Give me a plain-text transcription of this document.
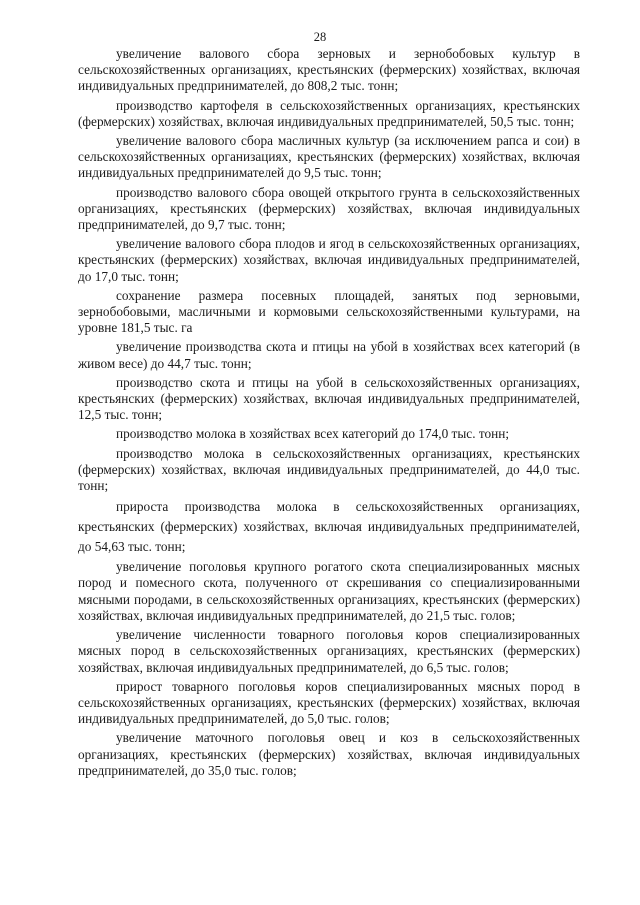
28

увеличение валового сбора зерновых и зернобобовых культур в сельскохозяйственных организациях, крестьянских (фермерских) хозяйствах, включая индивидуальных предпринимателей, до 808,2 тыс. тонн;

производство картофеля в сельскохозяйственных организациях, крестьянских (фермерских) хозяйствах, включая индивидуальных предпринимателей, 50,5 тыс. тонн;

увеличение валового сбора масличных культур (за исключением рапса и сои) в сельскохозяйственных организациях, крестьянских (фермерских) хозяйствах, включая индивидуальных предпринимателей до 9,5 тыс. тонн;

производство валового сбора овощей открытого грунта в сельскохозяйственных организациях, крестьянских (фермерских) хозяйствах, включая индивидуальных предпринимателей, до 9,7 тыс. тонн;

увеличение валового сбора плодов и ягод в сельскохозяйственных организациях, крестьянских (фермерских) хозяйствах, включая индивидуальных предпринимателей, до 17,0 тыс. тонн;

сохранение размера посевных площадей, занятых под зерновыми, зернобобовыми, масличными и кормовыми сельскохозяйственными культурами, на уровне 181,5 тыс. га

увеличение производства скота и птицы на убой в хозяйствах всех категорий (в живом весе) до 44,7 тыс. тонн;

производство скота и птицы на убой в сельскохозяйственных организациях, крестьянских (фермерских) хозяйствах, включая индивидуальных предпринимателей, 12,5 тыс. тонн;

производство молока в хозяйствах всех категорий до 174,0 тыс. тонн;

производство молока в сельскохозяйственных организациях, крестьянских (фермерских) хозяйствах, включая индивидуальных предпринимателей, до 44,0 тыс. тонн;

прироста производства молока в сельскохозяйственных организациях, крестьянских (фермерских) хозяйствах, включая индивидуальных предпринимателей, до 54,63 тыс. тонн;

увеличение поголовья крупного рогатого скота специализированных мясных пород и помесного скота, полученного от скрешивания со специализированными мясными породами, в сельскохозяйственных организациях, крестьянских (фермерских) хозяйствах, включая индивидуальных предпринимателей, до 21,5 тыс. голов;

увеличение численности товарного поголовья коров специализированных мясных пород в сельскохозяйственных организациях, крестьянских (фермерских) хозяйствах, включая индивидуальных предпринимателей, до 6,5 тыс. голов;

прирост товарного поголовья коров специализированных мясных пород в сельскохозяйственных организациях, крестьянских (фермерских) хозяйствах, включая индивидуальных предпринимателей, до 5,0 тыс. голов;

увеличение маточного поголовья овец и коз в сельскохозяйственных организациях, крестьянских (фермерских) хозяйствах, включая индивидуальных предпринимателей, до 35,0 тыс. голов;
